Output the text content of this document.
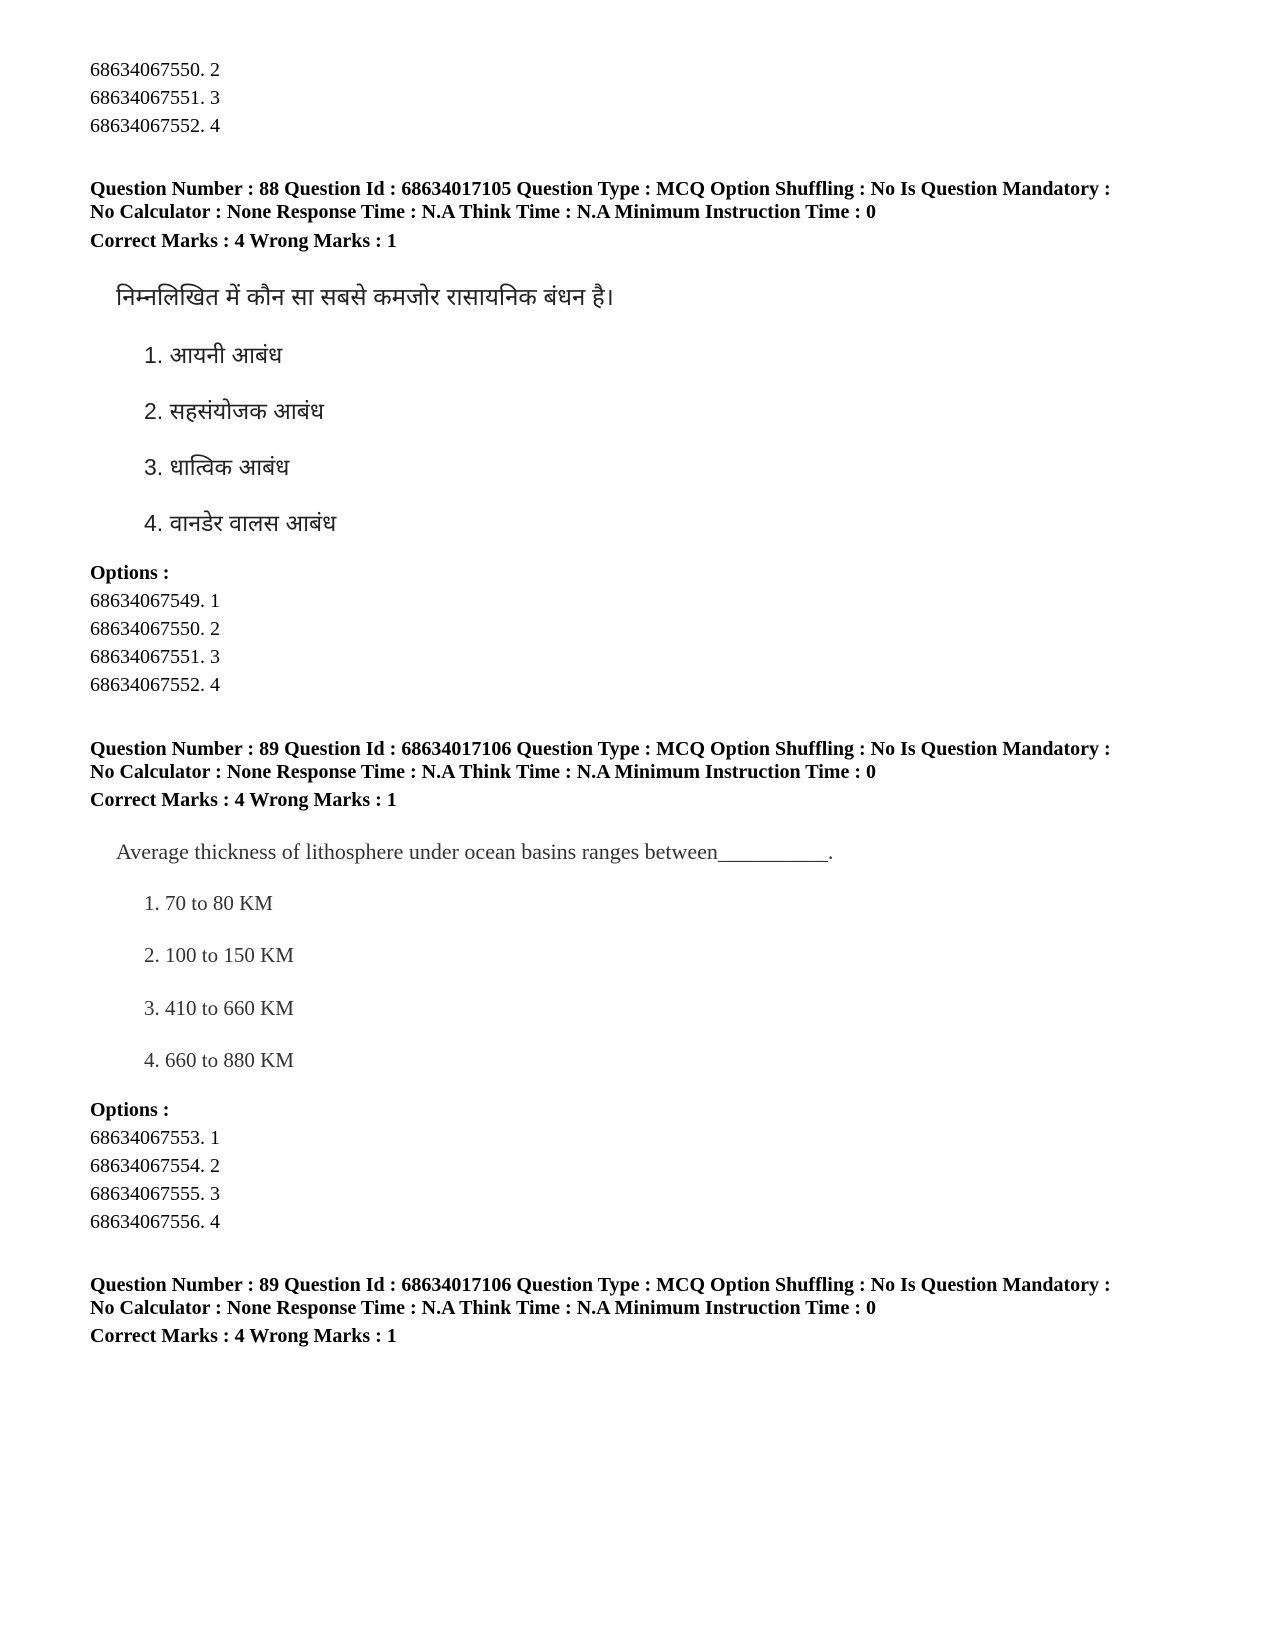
68634067550. 2
68634067551. 3
68634067552. 4
Question Number : 88 Question Id : 68634017105 Question Type : MCQ Option Shuffling : No Is Question Mandatory :
No Calculator : None Response Time : N.A Think Time : N.A Minimum Instruction Time : 0
Correct Marks : 4 Wrong Marks : 1
निम्नलिखित में कौन सा सबसे कमजोर रासायनिक बंधन है।
1. आयनी आबंध
2. सहसंयोजक आबंध
3. धात्विक आबंध
4. वानडेर वालस आबंध
Options :
68634067549. 1
68634067550. 2
68634067551. 3
68634067552. 4
Question Number : 89 Question Id : 68634017106 Question Type : MCQ Option Shuffling : No Is Question Mandatory :
No Calculator : None Response Time : N.A Think Time : N.A Minimum Instruction Time : 0
Correct Marks : 4 Wrong Marks : 1
Average thickness of lithosphere under ocean basins ranges between__________.
1. 70 to 80 KM
2. 100 to 150 KM
3. 410 to 660 KM
4. 660 to 880 KM
Options :
68634067553. 1
68634067554. 2
68634067555. 3
68634067556. 4
Question Number : 89 Question Id : 68634017106 Question Type : MCQ Option Shuffling : No Is Question Mandatory :
No Calculator : None Response Time : N.A Think Time : N.A Minimum Instruction Time : 0
Correct Marks : 4 Wrong Marks : 1
